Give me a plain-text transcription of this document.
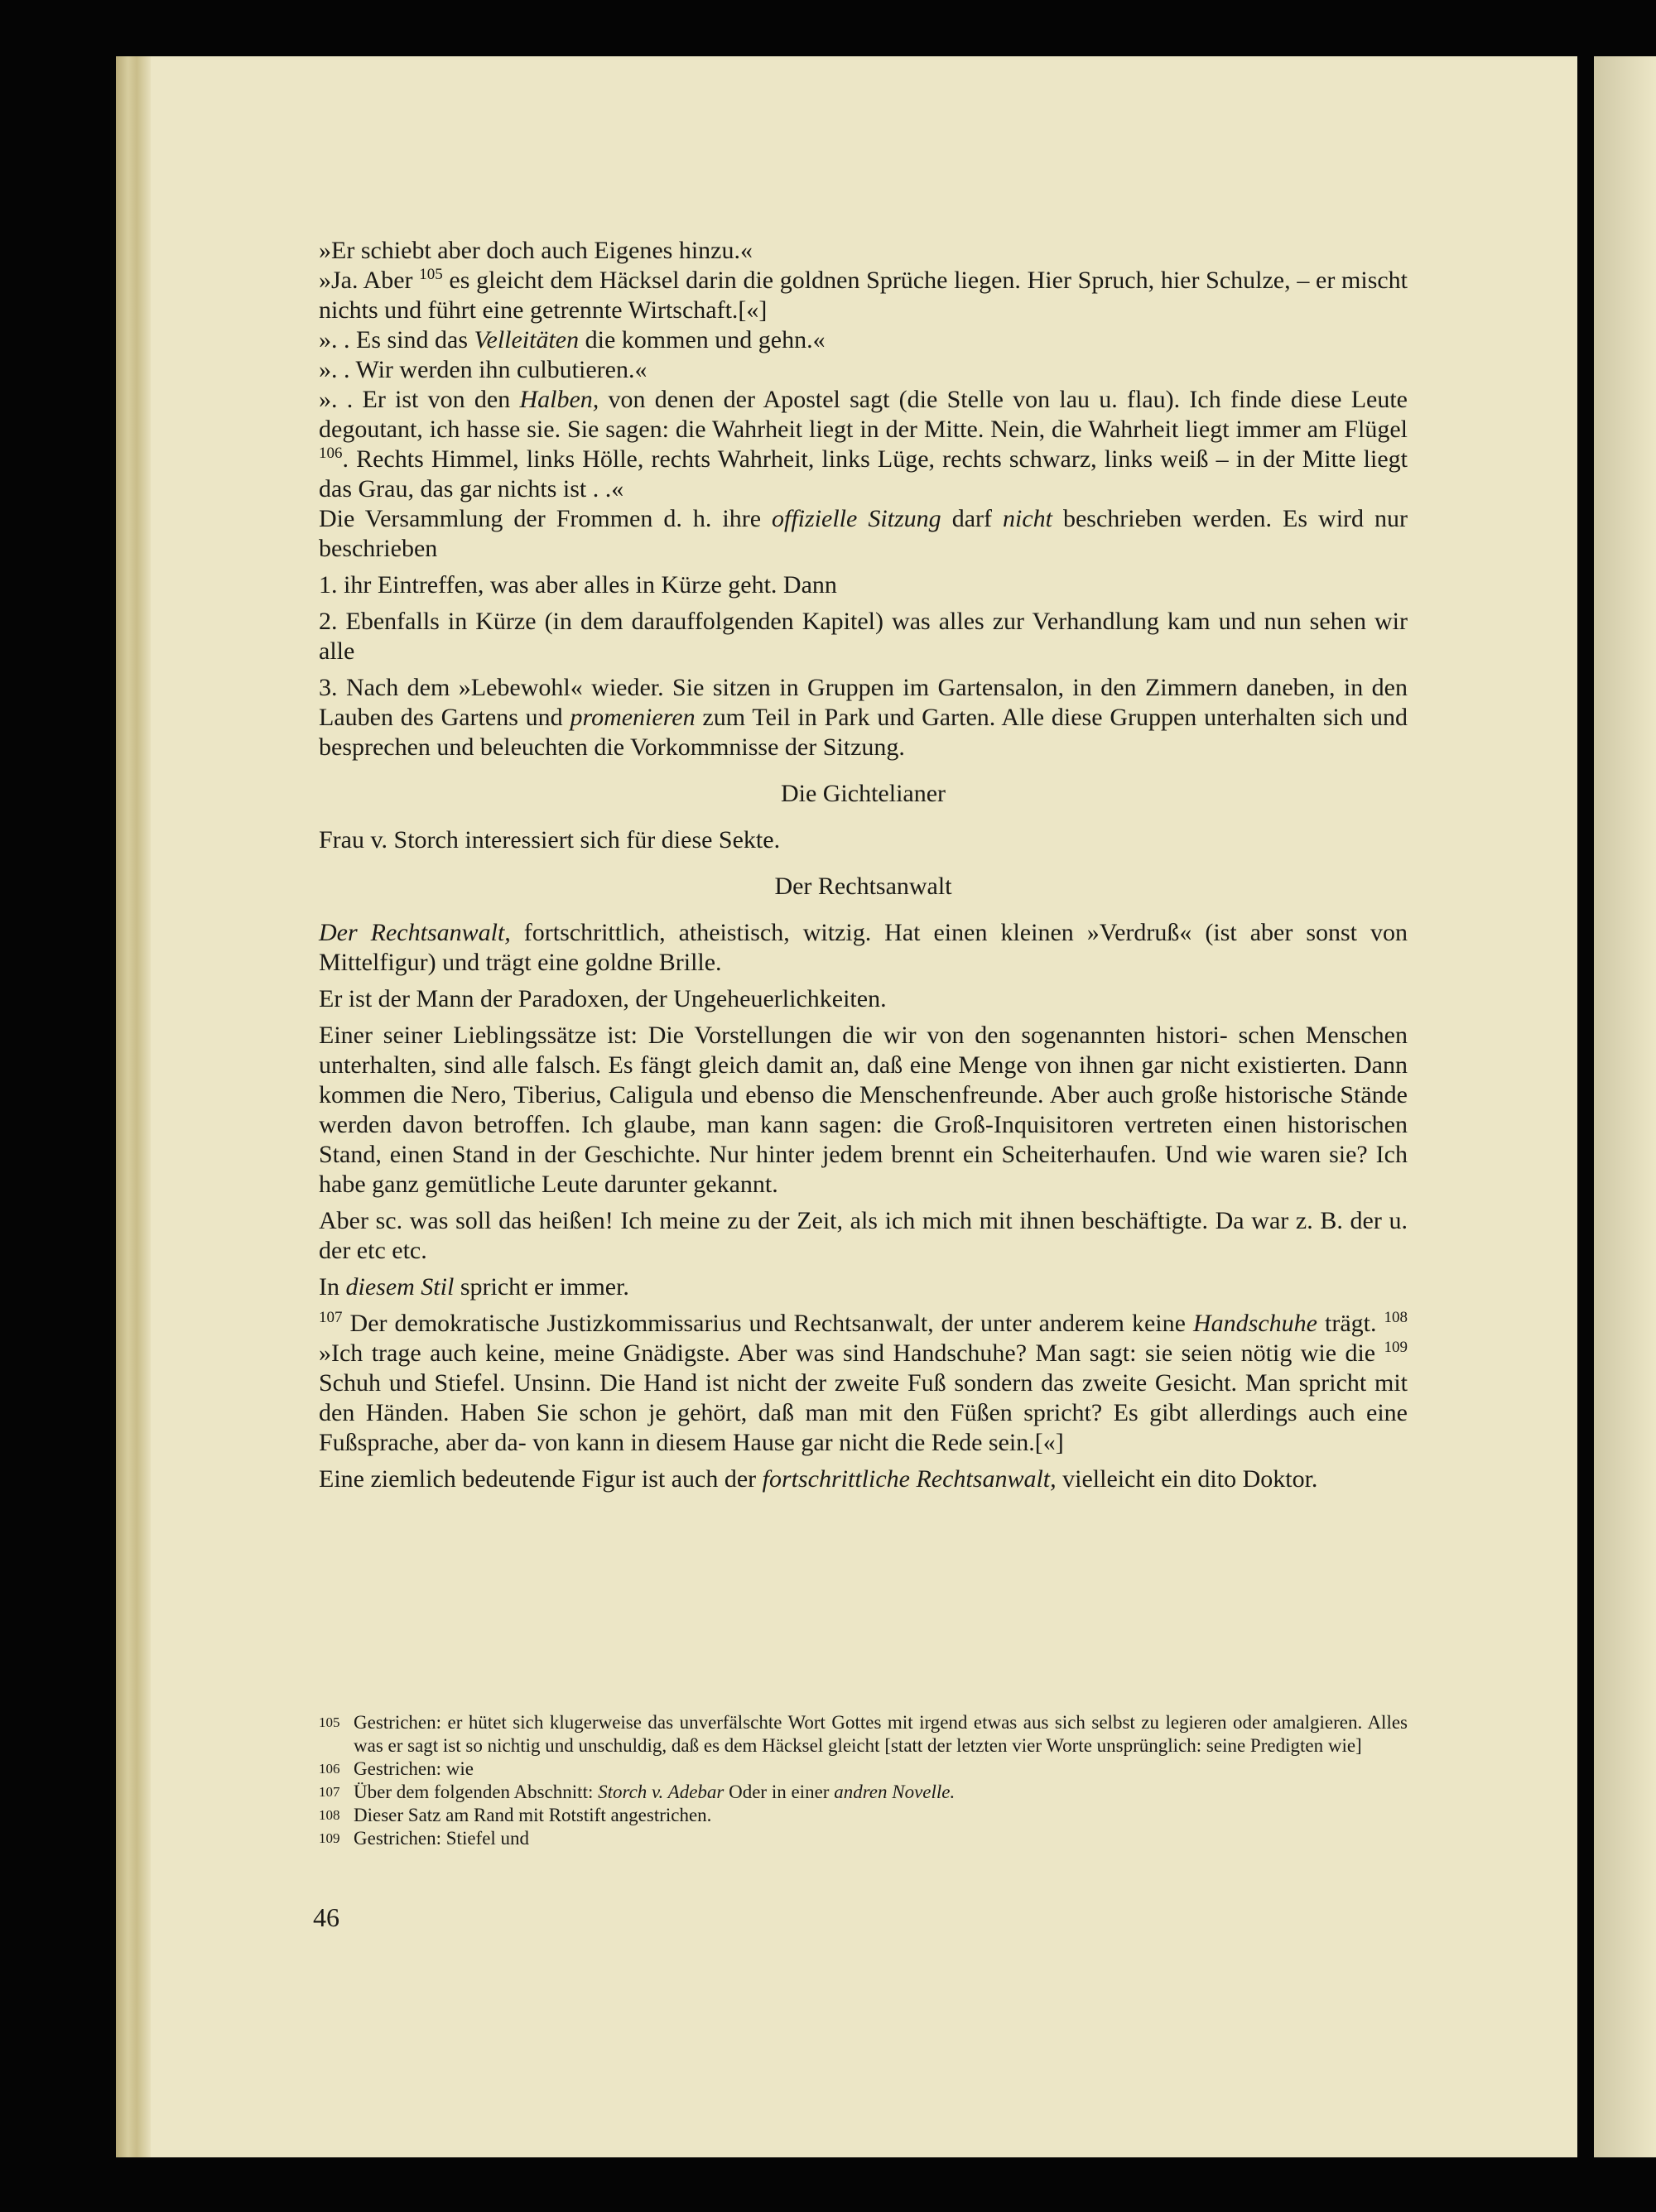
»Er schiebt aber doch auch Eigenes hinzu.«

»Ja. Aber $^{105}$ es gleicht dem Häcksel darin die goldnen Sprüche liegen. Hier Spruch, hier Schulze, – er mischt nichts und führt eine getrennte Wirtschaft.[«]

». . Es sind das Velleitäten die kommen und gehn.«

». . Wir werden ihn culbutieren.«

». . Er ist von den Halben, von denen der Apostel sagt (die Stelle von lau u. flau). Ich finde diese Leute degoutant, ich hasse sie. Sie sagen: die Wahrheit liegt in der Mitte. Nein, die Wahrheit liegt immer am Flügel $^{106}$. Rechts Himmel, links Hölle, rechts Wahrheit, links Lüge, rechts schwarz, links weiß – in der Mitte liegt das Grau, das gar nichts ist . .«

Die Versammlung der Frommen d. h. ihre offizielle Sitzung darf nicht beschrieben werden. Es wird nur beschrieben

1. ihr Eintreffen, was aber alles in Kürze geht. Dann

2. Ebenfalls in Kürze (in dem darauffolgenden Kapitel) was alles zur Verhandlung kam und nun sehen wir alle

3. Nach dem »Lebewohl« wieder. Sie sitzen in Gruppen im Gartensalon, in den Zimmern daneben, in den Lauben des Gartens und promenieren zum Teil in Park und Garten. Alle diese Gruppen unterhalten sich und besprechen und beleuchten die Vorkommnisse der Sitzung.

Die Gichtelianer

Frau v. Storch interessiert sich für diese Sekte.

Der Rechtsanwalt

Der Rechtsanwalt, fortschrittlich, atheistisch, witzig. Hat einen kleinen »Verdruß« (ist aber sonst von Mittelfigur) und trägt eine goldne Brille.

Er ist der Mann der Paradoxen, der Ungeheuerlichkeiten.

Einer seiner Lieblingssätze ist: Die Vorstellungen die wir von den sogenannten histori- schen Menschen unterhalten, sind alle falsch. Es fängt gleich damit an, daß eine Menge von ihnen gar nicht existierten. Dann kommen die Nero, Tiberius, Caligula und ebenso die Menschenfreunde. Aber auch große historische Stände werden davon betroffen. Ich glaube, man kann sagen: die Groß-Inquisitoren vertreten einen historischen Stand, einen Stand in der Geschichte. Nur hinter jedem brennt ein Scheiterhaufen. Und wie waren sie? Ich habe ganz gemütliche Leute darunter gekannt.

Aber sc. was soll das heißen! Ich meine zu der Zeit, als ich mich mit ihnen beschäftigte. Da war z. B. der u. der etc etc.

In diesem Stil spricht er immer.

$^{107}$ Der demokratische Justizkommissarius und Rechtsanwalt, der unter anderem keine Handschuhe trägt. $^{108}$ »Ich trage auch keine, meine Gnädigste. Aber was sind Handschuhe? Man sagt: sie seien nötig wie die $^{109}$ Schuh und Stiefel. Unsinn. Die Hand ist nicht der zweite Fuß sondern das zweite Gesicht. Man spricht mit den Händen. Haben Sie schon je gehört, daß man mit den Füßen spricht? Es gibt allerdings auch eine Fußsprache, aber da- von kann in diesem Hause gar nicht die Rede sein.[«]

Eine ziemlich bedeutende Figur ist auch der fortschrittliche Rechtsanwalt, vielleicht ein dito Doktor.

105 Gestrichen: er hütet sich klugerweise das unverfälschte Wort Gottes mit irgend etwas aus sich selbst zu legieren oder amalgieren. Alles was er sagt ist so nichtig und unschuldig, daß es dem Häcksel gleicht [statt der letzten vier Worte unsprünglich: seine Predigten wie]
106 Gestrichen: wie
107 Über dem folgenden Abschnitt: Storch v. Adebar Oder in einer andren Novelle.
108 Dieser Satz am Rand mit Rotstift angestrichen.
109 Gestrichen: Stiefel und
46
